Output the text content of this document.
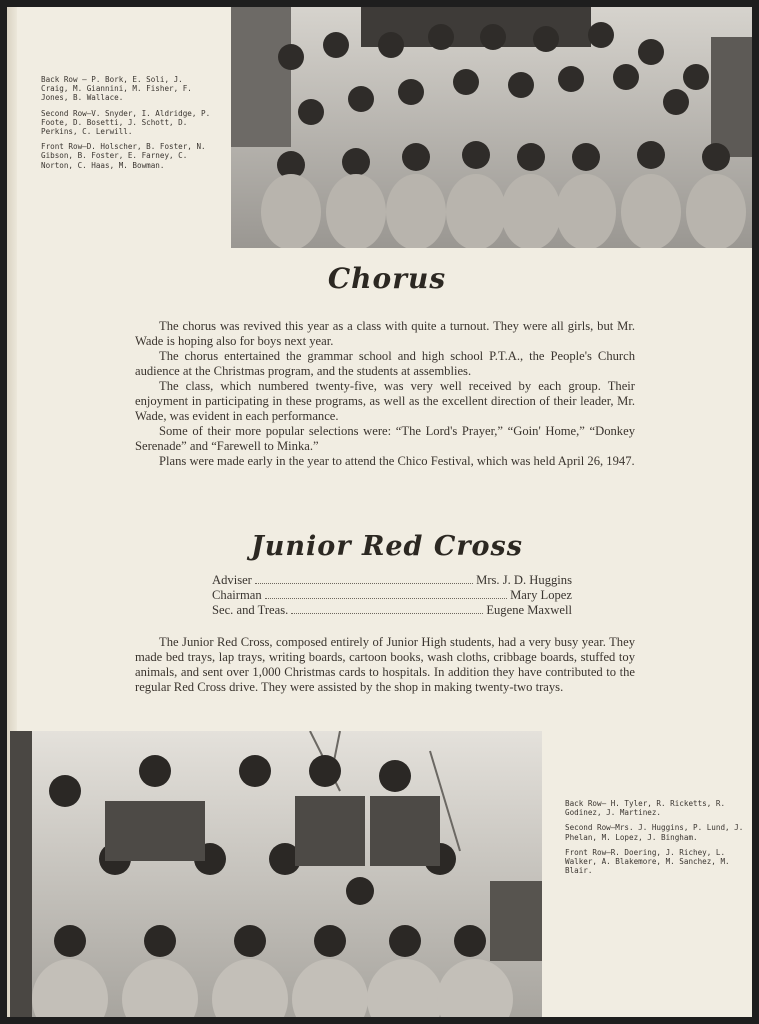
Back Row — P. Bork, E. Soli, J. Craig, M. Giannini, M. Fisher, F. Jones, B. Wallace.

Second Row—V. Snyder, I. Aldridge, P. Foote, D. Bosetti, J. Schott, D. Perkins, C. Lerwill.

Front Row—D. Holscher, B. Foster, N. Gibson, B. Foster, E. Farney, C. Norton, C. Haas, M. Bowman.

Chorus

The chorus was revived this year as a class with quite a turnout. They were all girls, but Mr. Wade is hoping also for boys next year.

The chorus entertained the grammar school and high school P.T.A., the People's Church audience at the Christmas program, and the students at assemblies.

The class, which numbered twenty-five, was very well received by each group. Their enjoyment in participating in these programs, as well as the excellent direction of their leader, Mr. Wade, was evident in each performance.

Some of their more popular selections were: “The Lord's Prayer,” “Goin' Home,” “Donkey Serenade” and “Farewell to Minka.”

Plans were made early in the year to attend the Chico Festival, which was held April 26, 1947.

Junior Red Cross
Adviser	Mrs. J. D. Huggins
Chairman	Mary Lopez
Sec. and Treas.	Eugene Maxwell

The Junior Red Cross, composed entirely of Junior High students, had a very busy year. They made bed trays, lap trays, writing boards, cartoon books, wash cloths, cribbage boards, stuffed toy animals, and sent over 1,000 Christmas cards to hospitals. In addition they have contributed to the regular Red Cross drive. They were assisted by the shop in making twenty-two trays.

Back Row— H. Tyler, R. Ricketts, R. Godinez, J. Martinez.

Second Row—Mrs. J. Huggins, P. Lund, J. Phelan, M. Lopez, J. Bingham.

Front Row—R. Doering, J. Richey, L. Walker, A. Blakemore, M. Sanchez, M. Blair.
